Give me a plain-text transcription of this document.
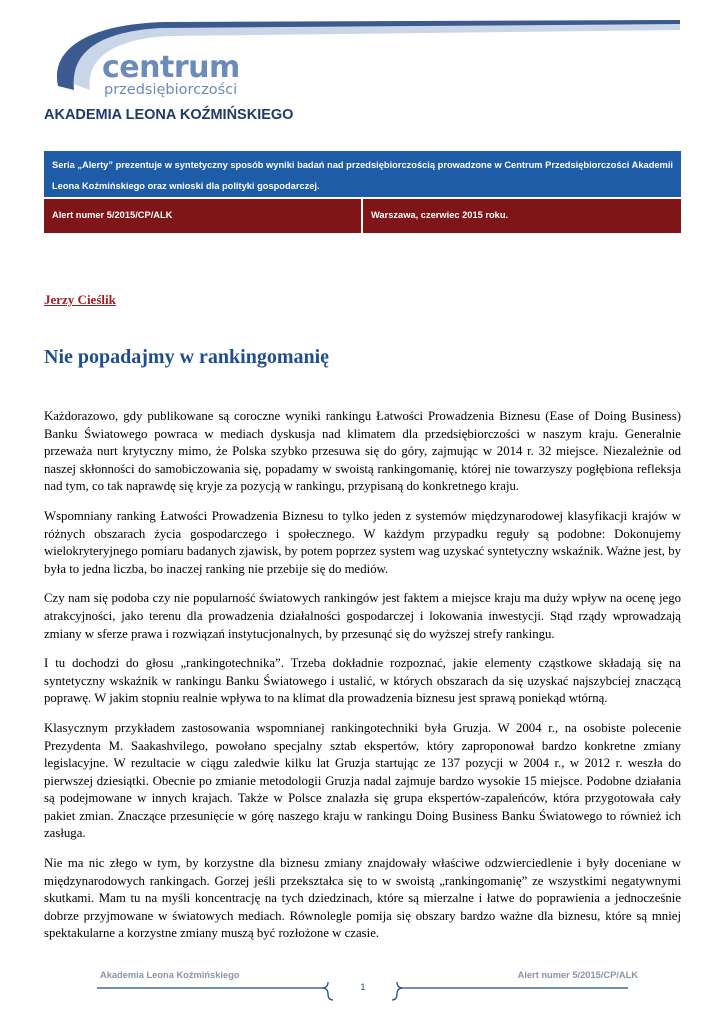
centrum
przedsiębiorczości
AKADEMIA LEONA KOŹMIŃSKIEGO
Seria „Alerty” prezentuje w syntetyczny sposób wyniki badań nad przedsiębiorczością prowadzone w Centrum Przedsiębiorczości Akademii Leona Koźmińskiego oraz wnioski dla polityki gospodarczej.
Alert numer 5/2015/CP/ALK	Warszawa, czerwiec 2015 roku.
Jerzy Cieślik
Nie popadajmy w rankingomanię

Każdorazowo, gdy publikowane są coroczne wyniki rankingu Łatwości Prowadzenia Biznesu (Ease of Doing Business) Banku Światowego powraca w mediach dyskusja nad klimatem dla przedsiębiorczości w naszym kraju. Generalnie przeważa nurt krytyczny mimo, że Polska szybko przesuwa się do góry, zajmując w 2014 r. 32 miejsce. Niezależnie od naszej skłonności do samobiczowania się, popadamy w swoistą rankingomanię, której nie towarzyszy pogłębiona refleksja nad tym, co tak naprawdę się kryje za pozycją w rankingu, przypisaną do konkretnego kraju.

Wspomniany ranking Łatwości Prowadzenia Biznesu to tylko jeden z systemów międzynarodowej klasyfikacji krajów w różnych obszarach życia gospodarczego i społecznego. W każdym przypadku reguły są podobne: Dokonujemy wielokryteryjnego pomiaru badanych zjawisk, by potem poprzez system wag uzyskać syntetyczny wskaźnik. Ważne jest, by była to jedna liczba, bo inaczej ranking nie przebije się do mediów.

Czy nam się podoba czy nie popularność światowych rankingów jest faktem a miejsce kraju ma duży wpływ na ocenę jego atrakcyjności, jako terenu dla prowadzenia działalności gospodarczej i lokowania inwestycji. Stąd rządy wprowadzają zmiany w sferze prawa i rozwiązań instytucjonalnych, by przesunąć się do wyższej strefy rankingu.

I tu dochodzi do głosu „rankingotechnika”. Trzeba dokładnie rozpoznać, jakie elementy cząstkowe składają się na syntetyczny wskaźnik w rankingu Banku Światowego i ustalić, w których obszarach da się uzyskać najszybciej znaczącą poprawę. W jakim stopniu realnie wpływa to na klimat dla prowadzenia biznesu jest sprawą poniekąd wtórną.

Klasycznym przykładem zastosowania wspomnianej rankingotechniki była Gruzja. W 2004 r., na osobiste polecenie Prezydenta M. Saakashvilego, powołano specjalny sztab ekspertów, który zaproponował bardzo konkretne zmiany legislacyjne. W rezultacie w ciągu zaledwie kilku lat Gruzja startując ze 137 pozycji w 2004 r., w 2012 r. weszła do pierwszej dziesiątki. Obecnie po zmianie metodologii Gruzja nadal zajmuje bardzo wysokie 15 miejsce. Podobne działania są podejmowane w innych krajach. Także w Polsce znalazła się grupa ekspertów-zapaleńców, która przygotowała cały pakiet zmian. Znaczące przesunięcie w górę naszego kraju w rankingu Doing Business Banku Światowego to również ich zasługa.

Nie ma nic złego w tym, by korzystne dla biznesu zmiany znajdowały właściwe odzwierciedlenie i były doceniane w międzynarodowych rankingach. Gorzej jeśli przekształca się to w swoistą „rankingomanię” ze wszystkimi negatywnymi skutkami. Mam tu na myśli koncentrację na tych dziedzinach, które są mierzalne i łatwe do poprawienia a jednocześnie dobrze przyjmowane w światowych mediach. Równolegle pomija się obszary bardzo ważne dla biznesu, które są mniej spektakularne a korzystne zmiany muszą być rozłożone w czasie.

Akademia Leona Koźmińskiego	Alert numer 5/2015/CP/ALK
1
